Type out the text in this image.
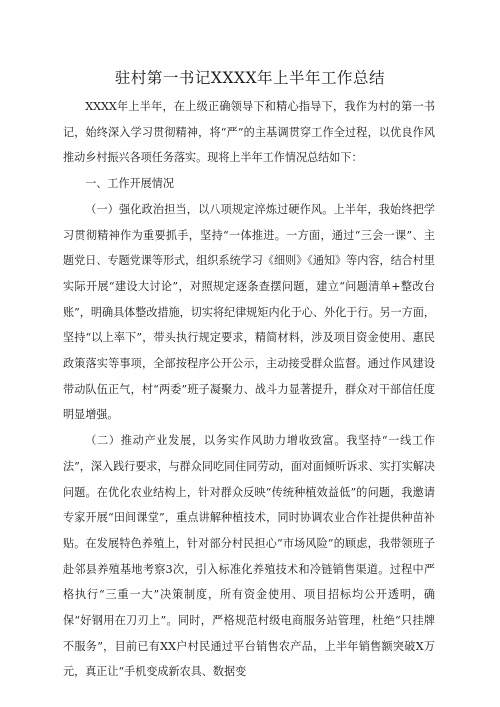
驻村第一书记XXXX年上半年工作总结

XXXX年上半年，在上级正确领导下和精心指导下，我作为村的第一书记，始终深入学习贯彻精神，将“严”的主基调贯穿工作全过程，以优良作风推动乡村振兴各项任务落实。现将上半年工作情况总结如下：

一、工作开展情况

（一）强化政治担当，以八项规定淬炼过硬作风。上半年，我始终把学习贯彻精神作为重要抓手，坚持“一体推进。一方面，通过“三会一课”、主题党日、专题党课等形式，组织系统学习《细则》《通知》等内容，结合村里实际开展“建设大讨论”，对照规定逐条查摆问题，建立“问题清单+整改台账”，明确具体整改措施，切实将纪律规矩内化于心、外化于行。另一方面，坚持“以上率下”，带头执行规定要求，精简材料，涉及项目资金使用、惠民政策落实等事项，全部按程序公开公示，主动接受群众监督。通过作风建设带动队伍正气，村“两委”班子凝聚力、战斗力显著提升，群众对干部信任度明显增强。

（二）推动产业发展，以务实作风助力增收致富。我坚持“一线工作法”，深入践行要求，与群众同吃同住同劳动，面对面倾听诉求、实打实解决问题。在优化农业结构上，针对群众反映“传统种植效益低”的问题，我邀请专家开展“田间课堂”，重点讲解种植技术，同时协调农业合作社提供种苗补贴。在发展特色养殖上，针对部分村民担心“市场风险”的顾虑，我带领班子赴邻县养殖基地考察3次，引入标准化养殖技术和冷链销售渠道。过程中严格执行“三重一大”决策制度，所有资金使用、项目招标均公开透明，确保“好钢用在刀刃上”。同时，严格规范村级电商服务站管理，杜绝“只挂牌不服务”，目前已有XX户村民通过平台销售农产品，上半年销售额突破X万元，真正让“手机变成新农具、数据变
